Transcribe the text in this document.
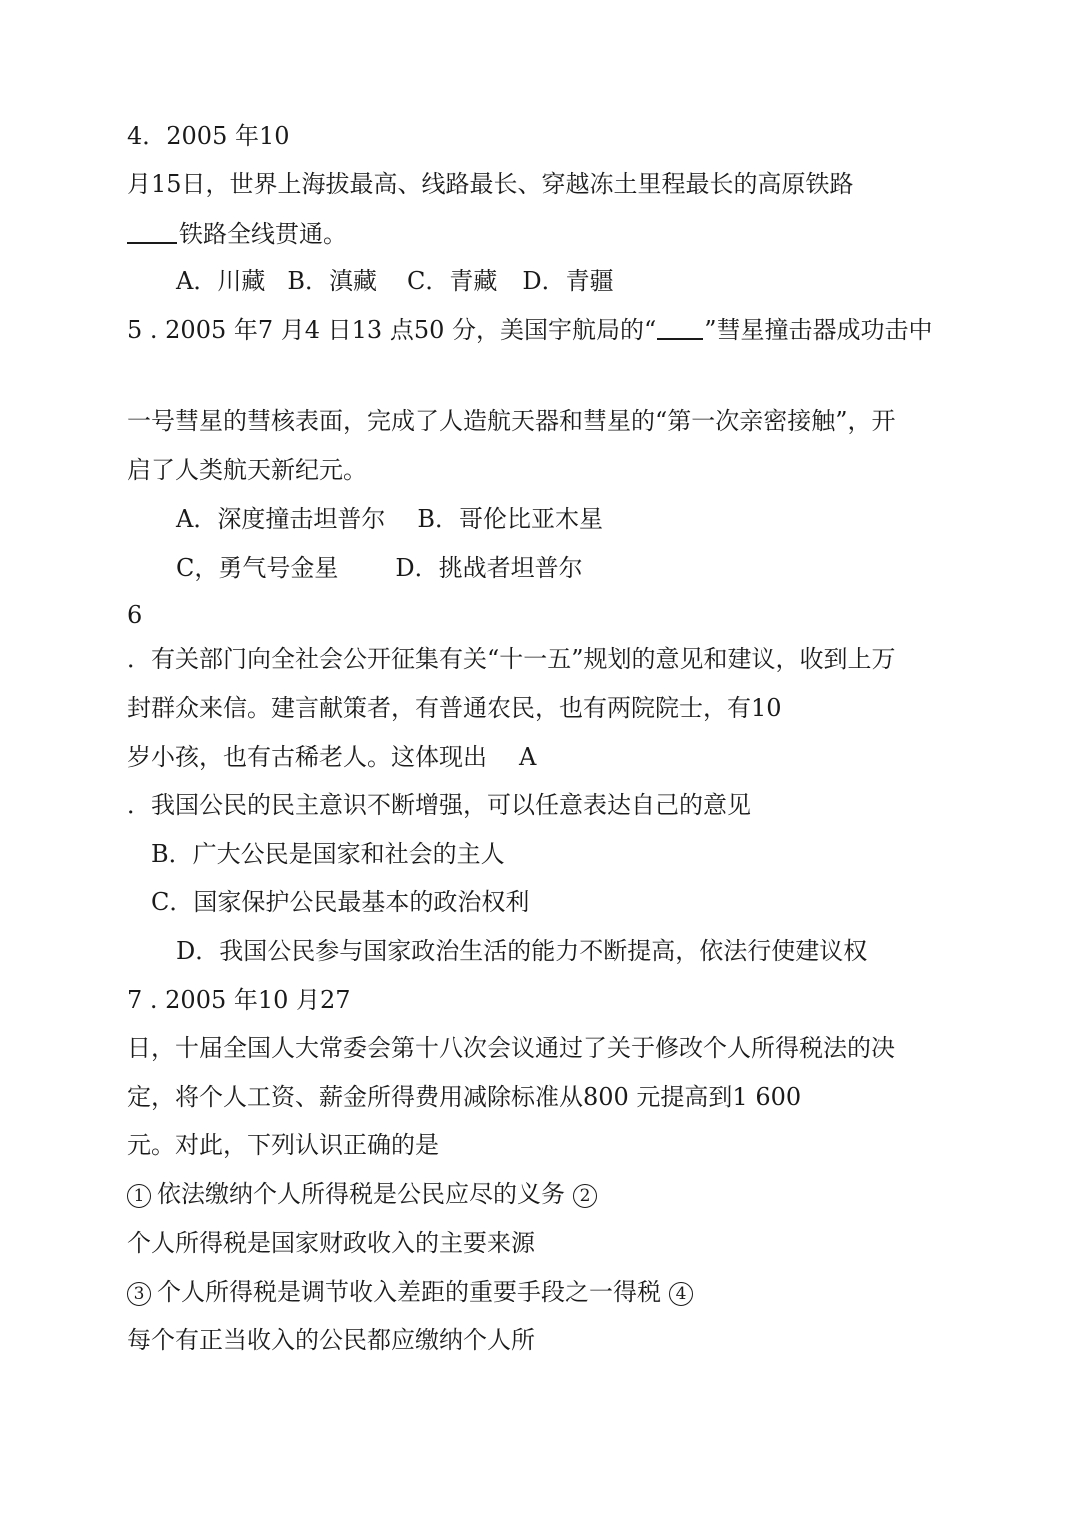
4．2005 年10
月15日，世界上海拔最高、线路最长、穿越冻土里程最长的高原铁路
铁路全线贯通。
A．川藏 B．滇藏 C．青藏 D．青疆
5 . 2005 年7 月4 日13 点50 分，美国宇航局的“ ”彗星撞击器成功击中
一号彗星的彗核表面，完成了人造航天器和彗星的“第一次亲密接触”，开
启了人类航天新纪元。
A．深度撞击坦普尔 B．哥伦比亚木星
C，勇气号金星 D．挑战者坦普尔
6
．有关部门向全社会公开征集有关“十一五”规划的意见和建议，收到上万
封群众来信。建言献策者，有普通农民，也有两院院士，有10
岁小孩，也有古稀老人。这体现出 A
．我国公民的民主意识不断增强，可以任意表达自己的意见
B．广大公民是国家和社会的主人
C．国家保护公民最基本的政治权利
D．我国公民参与国家政治生活的能力不断提高，依法行使建议权
7 . 2005 年10 月27
日，十届全国人大常委会第十八次会议通过了关于修改个人所得税法的决
定，将个人工资、薪金所得费用减除标准从800 元提高到1 600
元。对此，下列认识正确的是
1 依法缴纳个人所得税是公民应尽的义务 2
个人所得税是国家财政收入的主要来源
3 个人所得税是调节收入差距的重要手段之一得税 4
每个有正当收入的公民都应缴纳个人所
